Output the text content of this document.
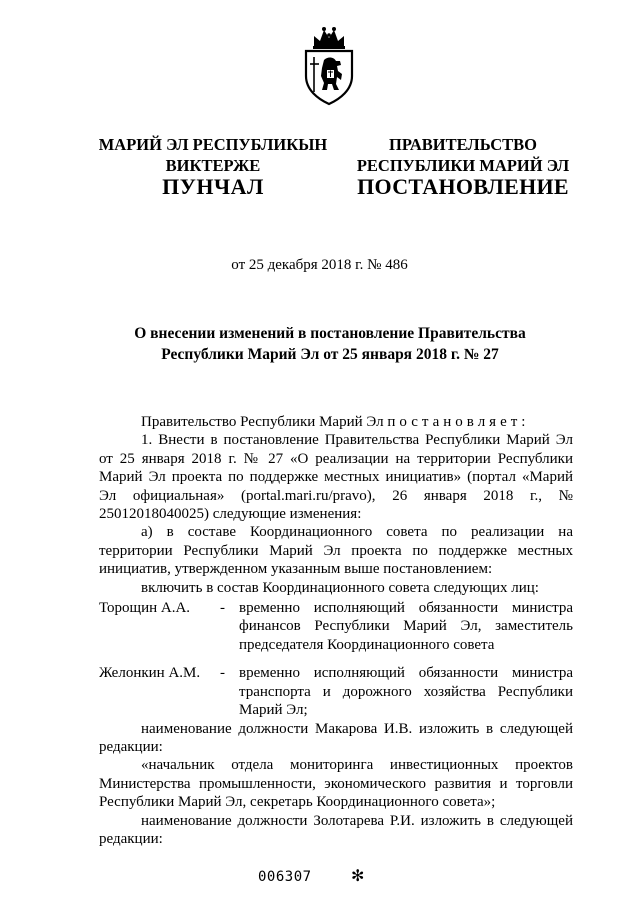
МАРИЙ ЭЛ РЕСПУБЛИКЫН
ВИКТЕРЖЕ
ПРАВИТЕЛЬСТВО
РЕСПУБЛИКИ МАРИЙ ЭЛ
ПУНЧАЛ	ПОСТАНОВЛЕНИЕ
от 25 декабря 2018 г. № 486
О внесении изменений в постановление Правительства
Республики Марий Эл от 25 января 2018 г. № 27

Правительство Республики Марий Эл постановляет:

1. Внести в постановление Правительства Республики Марий Эл от 25 января 2018 г. № 27 «О реализации на территории Республики Марий Эл проекта по поддержке местных инициатив» (портал «Марий Эл официальная» (portal.mari.ru/pravo), 26 января 2018 г., № 25012018040025) следующие изменения:

а) в составе Координационного совета по реализации на территории Республики Марий Эл проекта по поддержке местных инициатив, утвержденном указанным выше постановлением:

включить в состав Координационного совета следующих лиц:

Торощин А.А.	- временно исполняющий обязанности министра финансов Республики Марий Эл, заместитель председателя Координационного совета
Желонкин А.М.	- временно исполняющий обязанности министра транспорта и дорожного хозяйства Республики Марий Эл;

наименование должности Макарова И.В. изложить в следующей редакции:

«начальник отдела мониторинга инвестиционных проектов Министерства промышленности, экономического развития и торговли Республики Марий Эл, секретарь Координационного совета»;

наименование должности Золотарева Р.И. изложить в следующей редакции:

006307 ✻
